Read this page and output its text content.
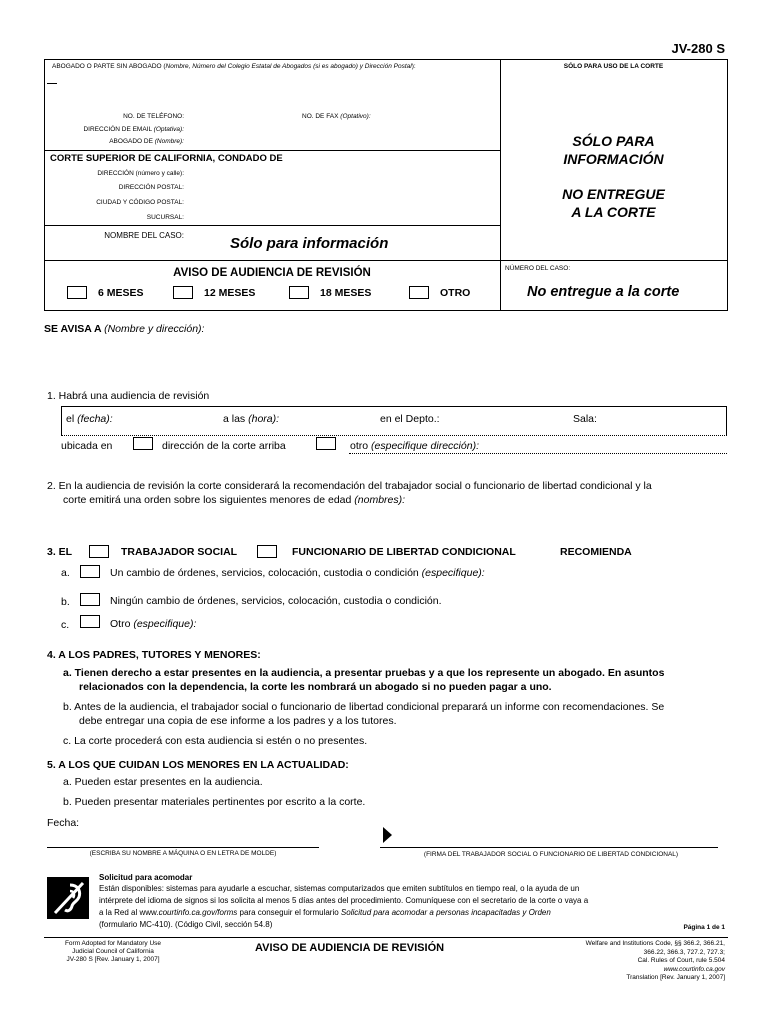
JV-280 S
ABOGADO O PARTE SIN ABOGADO (Nombre, Número del Colegio Estatal de Abogados (si es abogado) y Dirección Postal):	SÓLO PARA USO DE LA CORTE
NO. DE TELÉFONO:	NO. DE FAX (Optativo):
DIRECCIÓN DE EMAIL (Optativa):
ABOGADO DE (Nombre):
CORTE SUPERIOR DE CALIFORNIA, CONDADO DE
DIRECCIÓN (número y calle):
DIRECCIÓN POSTAL:
CIUDAD Y CÓDIGO POSTAL:
SUCURSAL:
NOMBRE DEL CASO:	Sólo para información
SÓLO PARA
INFORMACIÓN
NO ENTREGUE
A LA CORTE
AVISO DE AUDIENCIA DE REVISIÓN
6 MESES	12 MESES	18 MESES	OTRO
NÚMERO DEL CASO:
No entregue a la corte
SE AVISA A (Nombre y dirección):
1. Habrá una audiencia de revisión
el (fecha):	a las (hora):	en el Depto.:	Sala:
ubicada en	dirección de la corte arriba	otro (especifique dirección):
2. En la audiencia de revisión la corte considerará la recomendación del trabajador social o funcionario de libertad condicional y la
corte emitirá una orden sobre los siguientes menores de edad (nombres):
3. EL	TRABAJADOR SOCIAL	FUNCIONARIO DE LIBERTAD CONDICIONAL	RECOMIENDA
a.	Un cambio de órdenes, servicios, colocación, custodia o condición (especifique):
b.	Ningún cambio de órdenes, servicios, colocación, custodia o condición.
c.	Otro (especifique):
4. A LOS PADRES, TUTORES Y MENORES:
a. Tienen derecho a estar presentes en la audiencia, a presentar pruebas y a que los represente un abogado. En asuntos
relacionados con la dependencia, la corte les nombrará un abogado si no pueden pagar a uno.
b. Antes de la audiencia, el trabajador social o funcionario de libertad condicional preparará un informe con recomendaciones. Se
debe entregar una copia de ese informe a los padres y a los tutores.
c. La corte procederá con esta audiencia si estén o no presentes.
5. A LOS QUE CUIDAN LOS MENORES EN LA ACTUALIDAD:
a. Pueden estar presentes en la audiencia.
b. Pueden presentar materiales pertinentes por escrito a la corte.
Fecha:
(ESCRIBA SU NOMBRE A MÁQUINA O EN LETRA DE MOLDE)	(FIRMA DEL TRABAJADOR SOCIAL O FUNCIONARIO DE LIBERTAD CONDICIONAL)
Solicitud para acomodar
Están disponibles: sistemas para ayudarle a escuchar, sistemas computarizados que emiten subtítulos en tiempo real, o la ayuda de un
intérprete del idioma de signos si los solicita al menos 5 días antes del procedimiento. Comuníquese con el secretario de la corte o vaya a
a la Red al www.courtinfo.ca.gov/forms para conseguir el formulario Solicitud para acomodar a personas incapacitadas y Orden
(formulario MC-410). (Código Civil, sección 54.8)	Página 1 de 1
Form Adopted for Mandatory Use
Judicial Council of California
JV-280 S [Rev. January 1, 2007]
AVISO DE AUDIENCIA DE REVISIÓN	Welfare and Institutions Code, §§ 366.2, 366.21,
366.22, 366.3, 727.2, 727.3;
Cal. Rules of Court, rule 5.504
www.courtinfo.ca.gov
Translation [Rev. January 1, 2007]
